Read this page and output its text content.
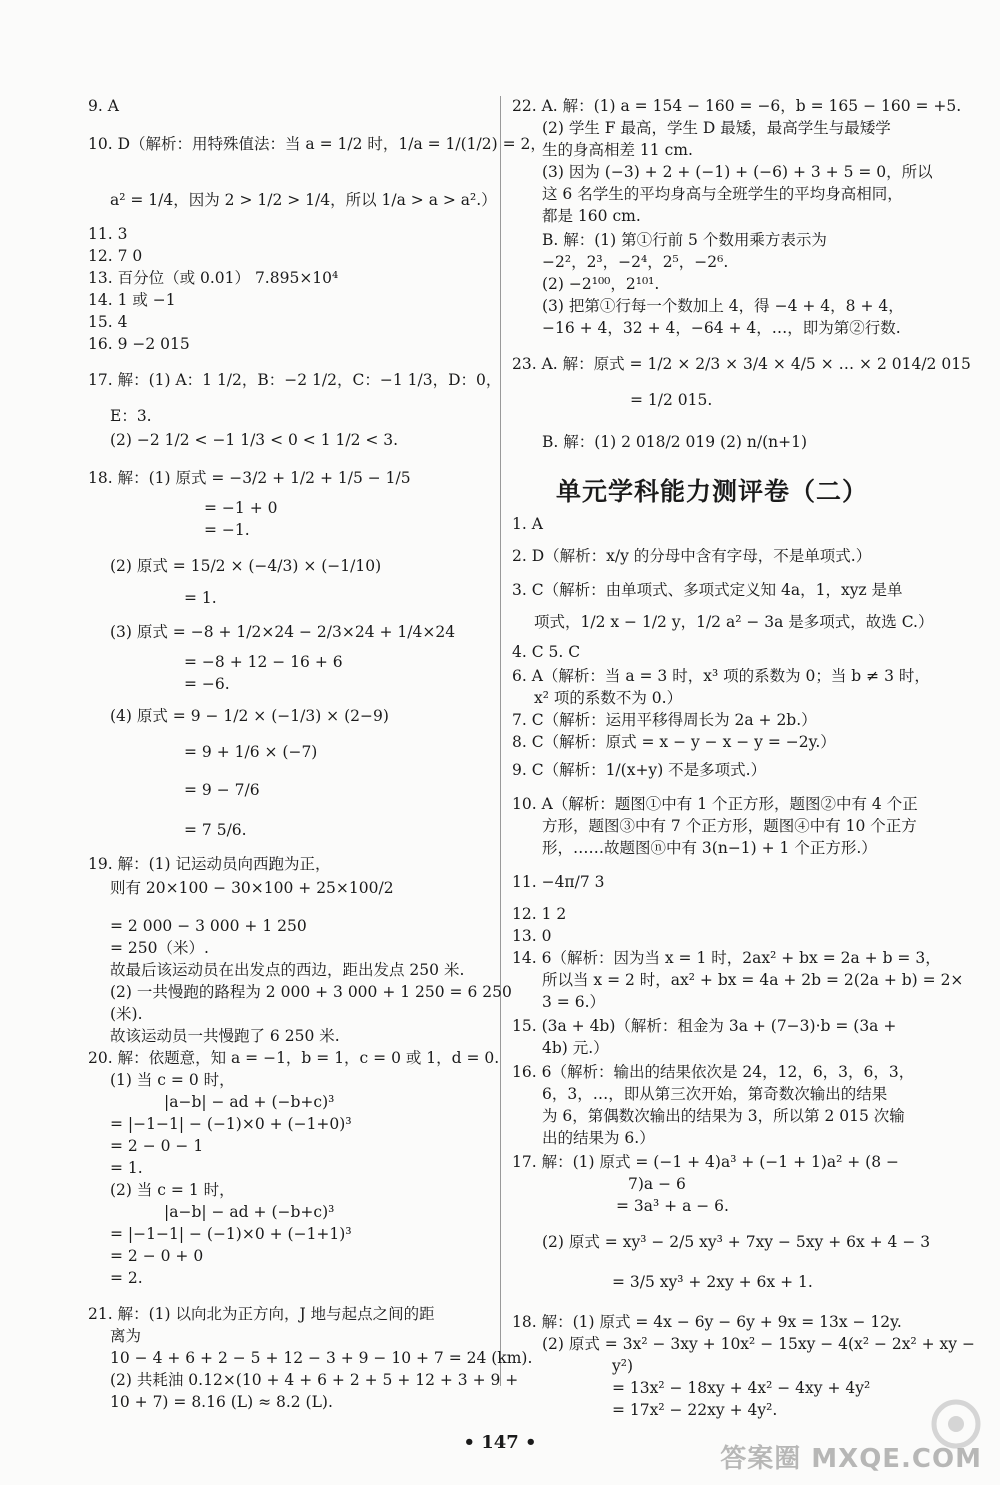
9. A
10. D（解析：用特殊值法：当 a = 1/2 时，1/a = 1/(1/2) = 2，
a² = 1/4，因为 2 > 1/2 > 1/4，所以 1/a > a > a².）
11. 3
12. 7 0
13. 百分位（或 0.01） 7.895×10⁴
14. 1 或 −1
15. 4
16. 9 −2 015
17. 解：(1) A：1 1/2，B：−2 1/2，C：−1 1/3，D：0，
E：3.
(2) −2 1/2 < −1 1/3 < 0 < 1 1/2 < 3.
18. 解：(1) 原式 = −3/2 + 1/2 + 1/5 − 1/5
= −1 + 0
= −1.
(2) 原式 = 15/2 × (−4/3) × (−1/10)
= 1.
(3) 原式 = −8 + 1/2×24 − 2/3×24 + 1/4×24
= −8 + 12 − 16 + 6
= −6.
(4) 原式 = 9 − 1/2 × (−1/3) × (2−9)
= 9 + 1/6 × (−7)
= 9 − 7/6
= 7 5/6.
19. 解：(1) 记运动员向西跑为正，
则有 20×100 − 30×100 + 25×100/2
= 2 000 − 3 000 + 1 250
= 250（米）.
故最后该运动员在出发点的西边，距出发点 250 米.
(2) 一共慢跑的路程为 2 000 + 3 000 + 1 250 = 6 250
(米).
故该运动员一共慢跑了 6 250 米.
20. 解：依题意，知 a = −1，b = 1，c = 0 或 1，d = 0.
(1) 当 c = 0 时，
|a−b| − ad + (−b+c)³
= |−1−1| − (−1)×0 + (−1+0)³
= 2 − 0 − 1
= 1.
(2) 当 c = 1 时，
|a−b| − ad + (−b+c)³
= |−1−1| − (−1)×0 + (−1+1)³
= 2 − 0 + 0
= 2.
21. 解：(1) 以向北为正方向，J 地与起点之间的距
离为
10 − 4 + 6 + 2 − 5 + 12 − 3 + 9 − 10 + 7 = 24 (km).
(2) 共耗油 0.12×(10 + 4 + 6 + 2 + 5 + 12 + 3 + 9 +
10 + 7) = 8.16 (L) ≈ 8.2 (L).
单元学科能力测评卷（二）
22. A. 解：(1) a = 154 − 160 = −6，b = 165 − 160 = +5.
(2) 学生 F 最高，学生 D 最矮，最高学生与最矮学
生的身高相差 11 cm.
(3) 因为 (−3) + 2 + (−1) + (−6) + 3 + 5 = 0，所以
这 6 名学生的平均身高与全班学生的平均身高相同，
都是 160 cm.
B. 解：(1) 第①行前 5 个数用乘方表示为
−2²，2³，−2⁴，2⁵，−2⁶.
(2) −2¹⁰⁰，2¹⁰¹.
(3) 把第①行每一个数加上 4，得 −4 + 4，8 + 4，
−16 + 4，32 + 4，−64 + 4，…，即为第②行数.
23. A. 解：原式 = 1/2 × 2/3 × 3/4 × 4/5 × … × 2 014/2 015
= 1/2 015.
B. 解：(1) 2 018/2 019 (2) n/(n+1)
1. A
2. D（解析：x/y 的分母中含有字母，不是单项式.）
3. C（解析：由单项式、多项式定义知 4a，1，xyz 是单
项式，1/2 x − 1/2 y，1/2 a² − 3a 是多项式，故选 C.）
4. C 5. C
6. A（解析：当 a = 3 时，x³ 项的系数为 0；当 b ≠ 3 时，
x² 项的系数不为 0.）
7. C（解析：运用平移得周长为 2a + 2b.）
8. C（解析：原式 = x − y − x − y = −2y.）
9. C（解析：1/(x+y) 不是多项式.）
10. A（解析：题图①中有 1 个正方形，题图②中有 4 个正
方形，题图③中有 7 个正方形，题图④中有 10 个正方
形，……故题图ⓝ中有 3(n−1) + 1 个正方形.）
11. −4π/7 3
12. 1 2
13. 0
14. 6（解析：因为当 x = 1 时，2ax² + bx = 2a + b = 3，
所以当 x = 2 时，ax² + bx = 4a + 2b = 2(2a + b) = 2×
3 = 6.）
15. (3a + 4b)（解析：租金为 3a + (7−3)·b = (3a +
4b) 元.）
16. 6（解析：输出的结果依次是 24，12，6，3，6，3，
6，3，…，即从第三次开始，第奇数次输出的结果
为 6，第偶数次输出的结果为 3，所以第 2 015 次输
出的结果为 6.）
17. 解：(1) 原式 = (−1 + 4)a³ + (−1 + 1)a² + (8 −
7)a − 6
= 3a³ + a − 6.
(2) 原式 = xy³ − 2/5 xy³ + 7xy − 5xy + 6x + 4 − 3
= 3/5 xy³ + 2xy + 6x + 1.
18. 解：(1) 原式 = 4x − 6y − 6y + 9x = 13x − 12y.
(2) 原式 = 3x² − 3xy + 10x² − 15xy − 4(x² − 2x² + xy −
y²)
= 13x² − 18xy + 4x² − 4xy + 4y²
= 17x² − 22xy + 4y².
• 147 •
答案圈 MXQE.COM
